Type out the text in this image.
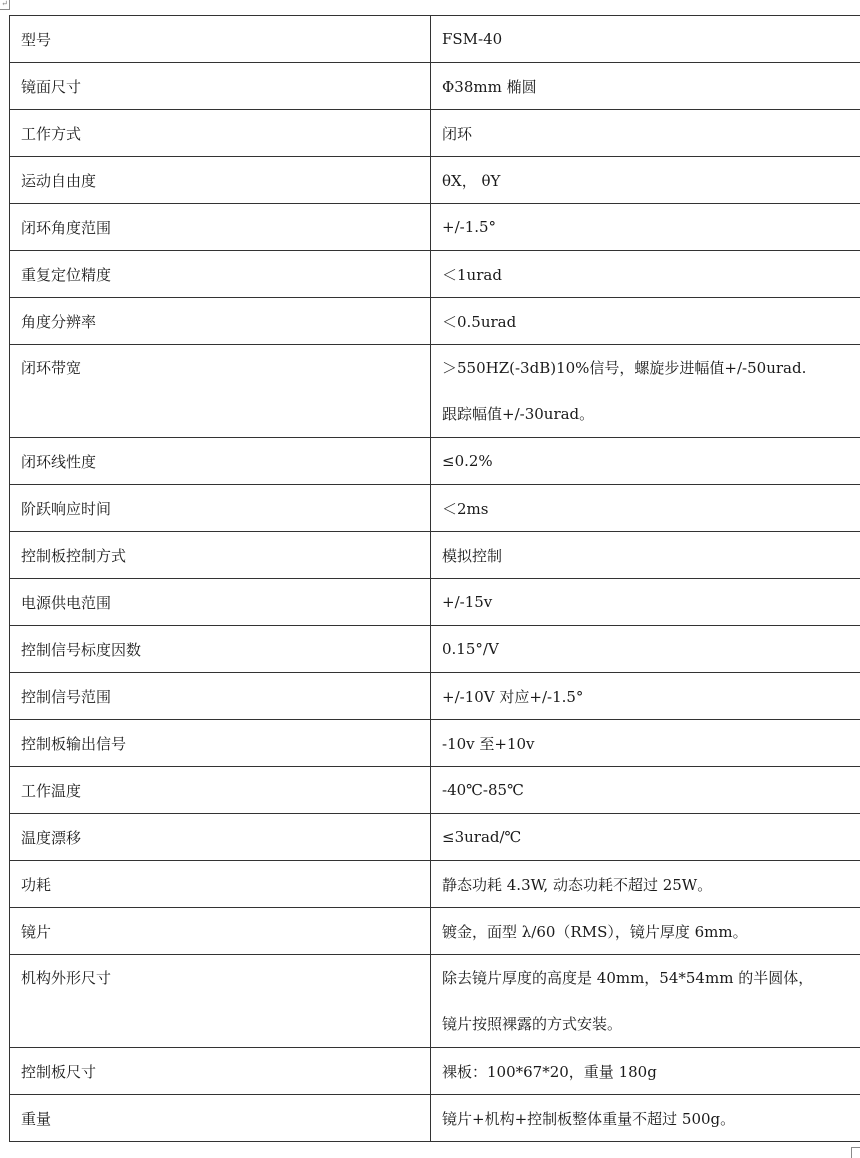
↵
型号	FSM-40
镜面尺寸	Φ38mm 椭圆
工作方式	闭环
运动自由度	θX， θY
闭环角度范围	+/-1.5°
重复定位精度	＜1urad
角度分辨率	＜0.5urad

闭环带宽	＞550HZ(-3dB)10%信号，螺旋步进幅值+/-50urad.
跟踪幅值+/-30urad。

闭环线性度	≤0.2%
阶跃响应时间	＜2ms
控制板控制方式	模拟控制
电源供电范围	+/-15v
控制信号标度因数	0.15°/V
控制信号范围	+/-10V 对应+/-1.5°
控制板输出信号	-10v 至+10v
工作温度	-40℃-85℃
温度漂移	≤3urad/℃
功耗	静态功耗 4.3W, 动态功耗不超过 25W。
镜片	镀金，面型 λ/60（RMS），镜片厚度 6mm。

机构外形尺寸	除去镜片厚度的高度是 40mm，54*54mm 的半圆体，
镜片按照裸露的方式安装。

控制板尺寸	裸板：100*67*20，重量 180g
重量	镜片+机构+控制板整体重量不超过 500g。
